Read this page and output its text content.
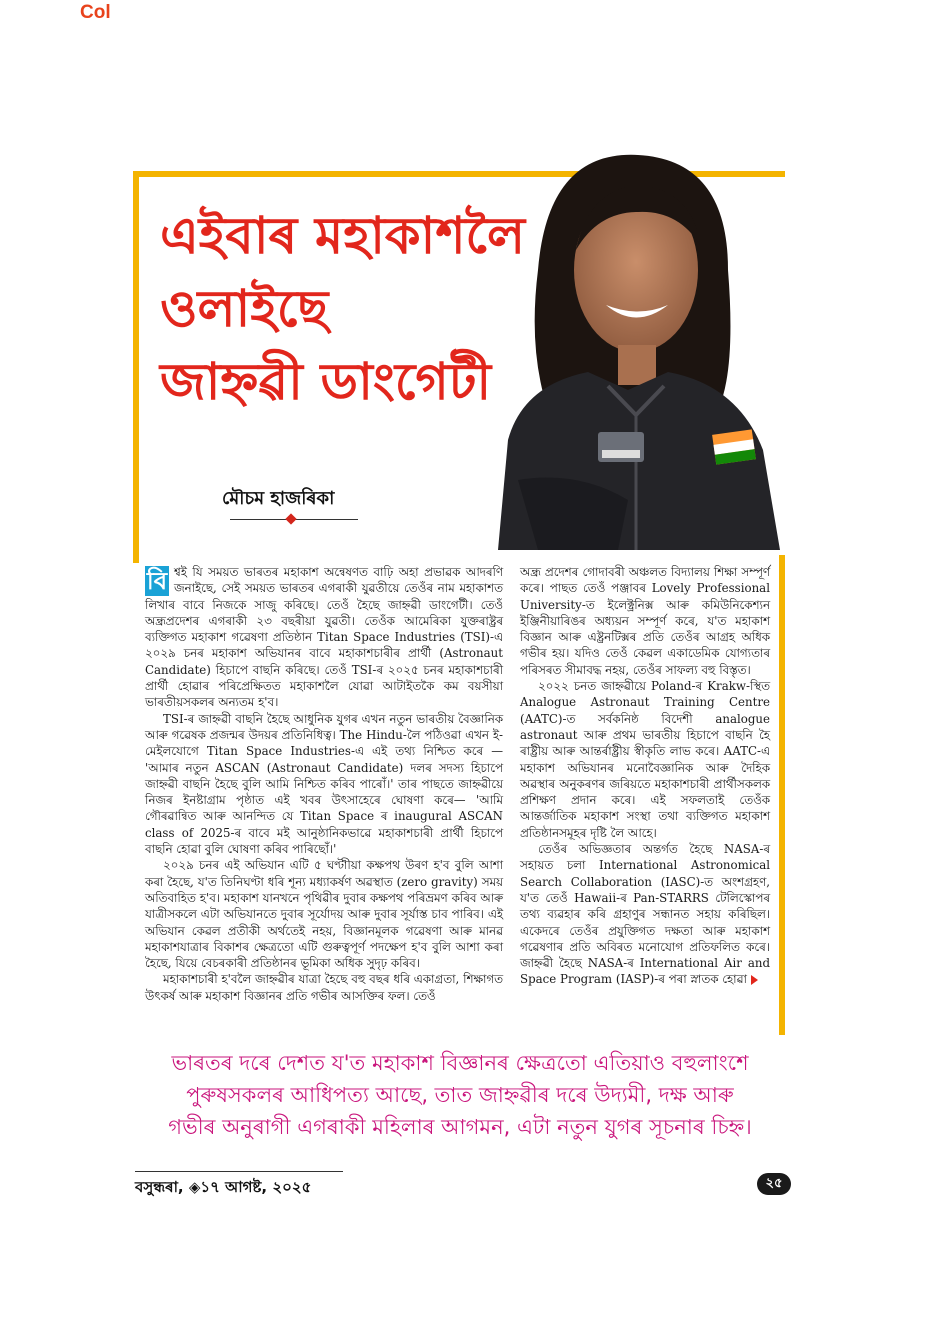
Col
এইবাৰ মহাকাশলৈ
ওলাইছে
জাহ্নৱী ডাংগেটী
মৌচম হাজৰিকা

বি শ্বই যি সময়ত ভাৰতৰ মহাকাশ অন্বেষণত বাঢ়ি অহা প্ৰভাৱক আদৰণি জনাইছে, সেই সময়ত ভাৰতৰ এগৰাকী যুৱতীয়ে তেওঁৰ নাম মহাকাশত লিখাৰ বাবে নিজকে সাজু কৰিছে। তেওঁ হৈছে জাহ্নৱী ডাংগেটী। তেওঁ অন্ধ্ৰপ্ৰদেশৰ এগৰাকী ২৩ বছৰীয়া যুৱতী। তেওঁক আমেৰিকা যুক্তৰাষ্ট্ৰৰ ব্যক্তিগত মহাকাশ গৱেষণা প্ৰতিষ্ঠান Titan Space Industries (TSI)-এ ২০২৯ চনৰ মহাকাশ অভিযানৰ বাবে মহাকাশচাৰীৰ প্ৰাৰ্থী (Astronaut Candidate) হিচাপে বাছনি কৰিছে। তেওঁ TSI-ৰ ২০২৫ চনৰ মহাকাশচাৰী প্ৰাৰ্থী হোৱাৰ পৰিপ্ৰেক্ষিতত মহাকাশলৈ যোৱা আটাইতকৈ কম বয়সীয়া ভাৰতীয়সকলৰ অন্যতম হ'ব।

TSI-ৰ জাহ্নৱী বাছনি হৈছে আধুনিক যুগৰ এখন নতুন ভাৰতীয় বৈজ্ঞানিক আৰু গৱেষক প্ৰজন্মৰ উদয়ৰ প্ৰতিনিধিত্ব। The Hindu-লৈ পঠিওৱা এখন ই-মেইলযোগে Titan Space Industries-এ এই তথ্য নিশ্চিত কৰে — 'আমাৰ নতুন ASCAN (Astronaut Candidate) দলৰ সদস্য হিচাপে জাহ্নৱী বাছনি হৈছে বুলি আমি নিশ্চিত কৰিব পাৰোঁ।' তাৰ পাছতে জাহ্নৱীয়ে নিজৰ ইনষ্টাগ্ৰাম পৃষ্ঠাত এই খবৰ উৎসাহেৰে ঘোষণা কৰে— 'আমি গৌৰৱান্বিত আৰু আনন্দিত যে Titan Space ৰ inaugural ASCAN class of 2025-ৰ বাবে মই আনুষ্ঠানিকভাৱে মহাকাশচাৰী প্ৰাৰ্থী হিচাপে বাছনি হোৱা বুলি ঘোষণা কৰিব পাৰিছোঁ।'

২০২৯ চনৰ এই অভিযান এটি ৫ ঘণ্টাীয়া কক্ষপথ উৰণ হ'ব বুলি আশা কৰা হৈছে, য'ত তিনিঘণ্টা ধৰি শূন্য মধ্যাকৰ্ষণ অৱস্থাত (zero gravity) সময় অতিবাহিত হ'ব। মহাকাশ যানখনে পৃথিৱীৰ দুবাৰ কক্ষপথ পৰিভ্ৰমণ কৰিব আৰু যাত্ৰীসকলে এটা অভিযানতে দুবাৰ সূৰ্যোদয় আৰু দুবাৰ সূৰ্যাস্ত চাব পাৰিব। এই অভিযান কেৱল প্ৰতীকী অৰ্থতেই নহয়, বিজ্ঞানমূলক গৱেষণা আৰু মানৱ মহাকাশযাত্ৰাৰ বিকাশৰ ক্ষেত্ৰতো এটি গুৰুত্বপূৰ্ণ পদক্ষেপ হ'ব বুলি আশা কৰা হৈছে, যিয়ে বেচৰকাৰী প্ৰতিষ্ঠানৰ ভূমিকা অধিক সুদৃঢ় কৰিব।

মহাকাশচাৰী হ'বলৈ জাহ্নৱীৰ যাত্ৰা হৈছে বহু বছৰ ধৰি একাগ্ৰতা, শিক্ষাগত উৎকৰ্ষ আৰু মহাকাশ বিজ্ঞানৰ প্ৰতি গভীৰ আসক্তিৰ ফল। তেওঁ

অন্ধ্ৰ প্ৰদেশৰ গোদাবৰী অঞ্চলত বিদ্যালয় শিক্ষা সম্পূৰ্ণ কৰে। পাছত তেওঁ পঞ্জাবৰ Lovely Professional University-ত ইলেক্ট্ৰনিক্স আৰু কমিউনিকেশ্যন ইঞ্জিনীয়াৰিঙৰ অধ্যয়ন সম্পূৰ্ণ কৰে, য'ত মহাকাশ বিজ্ঞান আৰু এষ্ট্ৰনটিক্সৰ প্ৰতি তেওঁৰ আগ্ৰহ অধিক গভীৰ হয়। যদিও তেওঁ কেৱল একাডেমিক যোগ্যতাৰ পৰিসৰত সীমাবদ্ধ নহয়, তেওঁৰ সাফল্য বহু বিস্তৃত।

২০২২ চনত জাহ্নৱীয়ে Poland-ৰ Krakw-স্থিত Analogue Astronaut Training Centre (AATC)-ত সৰ্বকনিষ্ঠ বিদেশী analogue astronaut আৰু প্ৰথম ভাৰতীয় হিচাপে বাছনি হৈ ৰাষ্ট্ৰীয় আৰু আন্তৰ্ৰাষ্ট্ৰীয় স্বীকৃতি লাভ কৰে। AATC-এ মহাকাশ অভিযানৰ মনোবৈজ্ঞানিক আৰু দৈহিক অৱস্থাৰ অনুকৰণৰ জৰিয়তে মহাকাশচাৰী প্ৰাৰ্থীসকলক প্ৰশিক্ষণ প্ৰদান কৰে। এই সফলতাই তেওঁক আন্তৰ্জাতিক মহাকাশ সংস্থা তথা ব্যক্তিগত মহাকাশ প্ৰতিষ্ঠানসমূহৰ দৃষ্টি লৈ আহে।

তেওঁৰ অভিজ্ঞতাৰ অন্তৰ্গত হৈছে NASA-ৰ সহায়ত চলা International Astronomical Search Collaboration (IASC)-ত অংশগ্ৰহণ, য'ত তেওঁ Hawaii-ৰ Pan-STARRS টেলিস্কোপৰ তথ্য ব্যৱহাৰ কৰি গ্ৰহাণুৰ সন্ধানত সহায় কৰিছিল। একেদৰে তেওঁৰ প্ৰযুক্তিগত দক্ষতা আৰু মহাকাশ গৱেষণাৰ প্ৰতি অবিৰত মনোযোগ প্ৰতিফলিত কৰে। জাহ্নৱী হৈছে NASA-ৰ International Air and Space Program (IASP)-ৰ পৰা স্নাতক হোৱা

ভাৰতৰ দৰে দেশত য'ত মহাকাশ বিজ্ঞানৰ ক্ষেত্ৰতো এতিয়াও বহুলাংশে
পুৰুষসকলৰ আধিপত্য আছে, তাত জাহ্নৱীৰ দৰে উদ্যমী, দক্ষ আৰু
গভীৰ অনুৰাগী এগৰাকী মহিলাৰ আগমন, এটা নতুন যুগৰ সূচনাৰ চিহ্ন।

বসুন্ধৰা, ◈১৭ আগষ্ট, ২০২৫	২৫
